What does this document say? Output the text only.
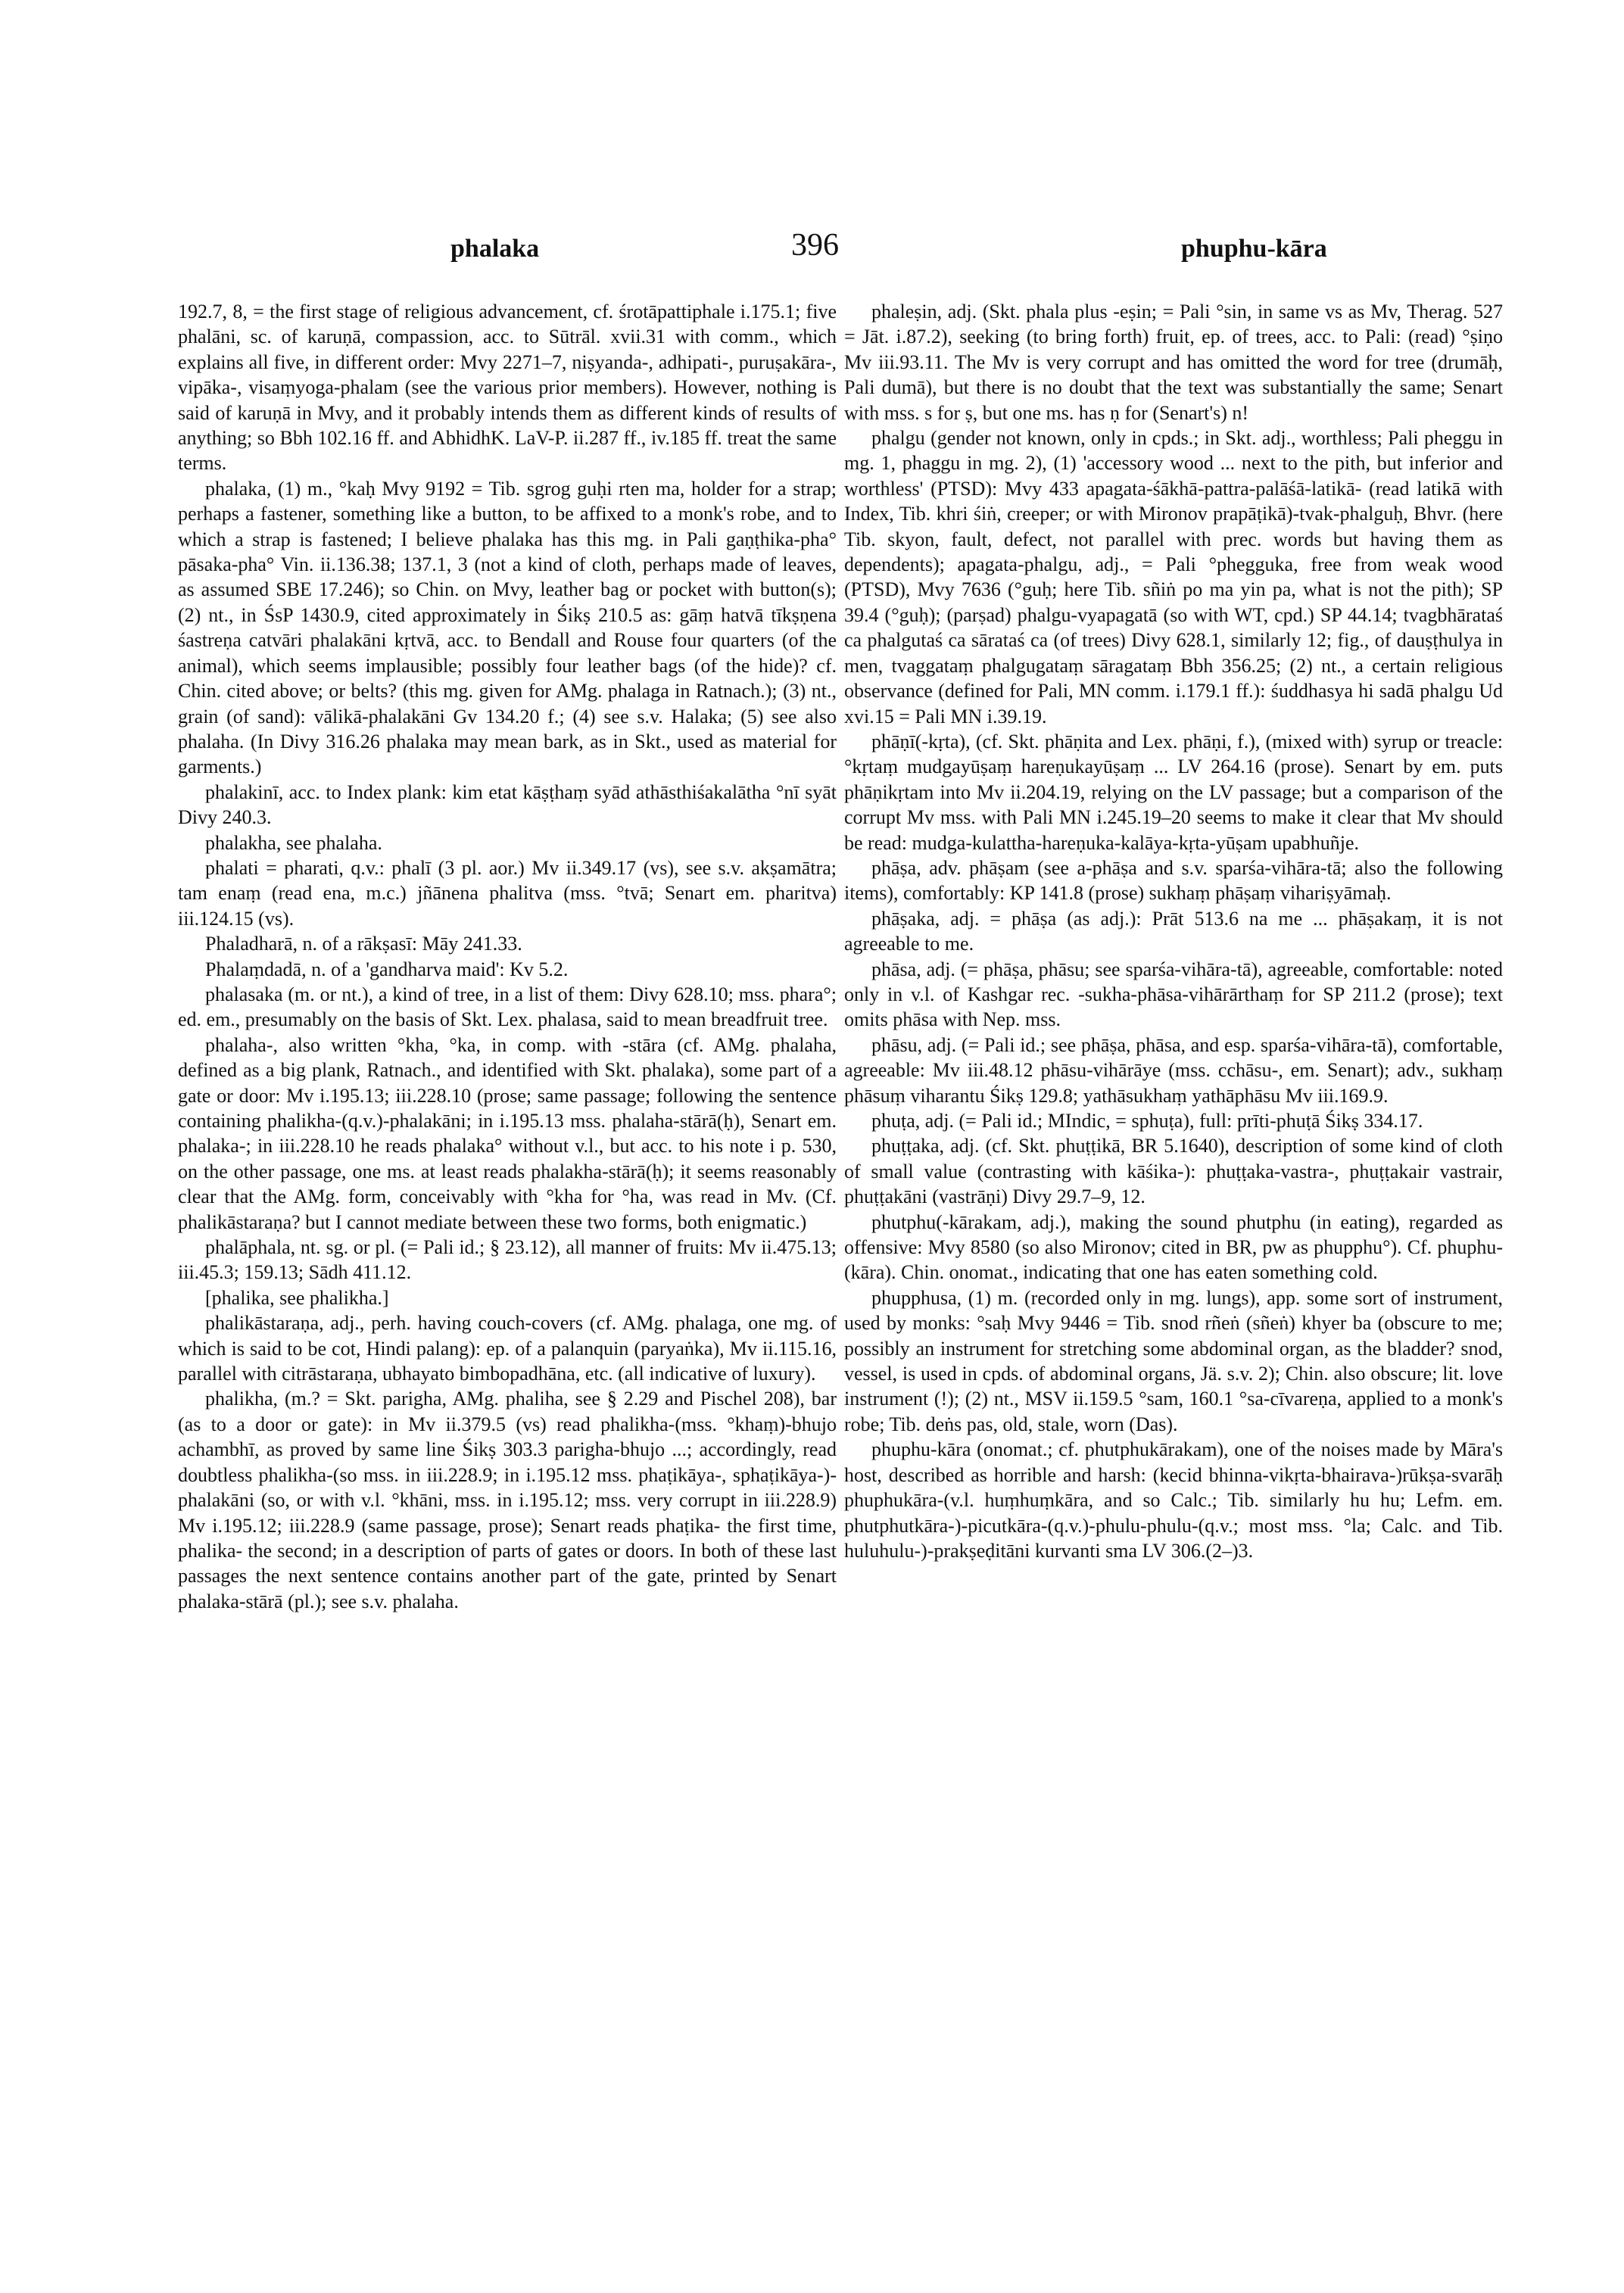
phalaka	396	phuphu-kāra

192.7, 8, = the first stage of religious advancement, cf. śrotāpattiphale i.175.1; five phalāni, sc. of karuṇā, compassion, acc. to Sūtrāl. xvii.31 with comm., which explains all five, in different order: Mvy 2271–7, niṣyanda-, adhipati-, puruṣakāra-, vipāka-, visaṃyoga-phalam (see the various prior members). However, nothing is said of karuṇā in Mvy, and it probably intends them as different kinds of results of anything; so Bbh 102.16 ff. and AbhidhK. LaV-P. ii.287 ff., iv.185 ff. treat the same terms.

phalaka, (1) m., °kaḥ Mvy 9192 = Tib. sgrog guḥi rten ma, holder for a strap; perhaps a fastener, something like a button, to be affixed to a monk's robe, and to which a strap is fastened; I believe phalaka has this mg. in Pali gaṇṭhika-pha° pāsaka-pha° Vin. ii.136.38; 137.1, 3 (not a kind of cloth, perhaps made of leaves, as assumed SBE 17.246); so Chin. on Mvy, leather bag or pocket with button(s); (2) nt., in ŚsP 1430.9, cited approximately in Śikṣ 210.5 as: gāṃ hatvā tīkṣṇena śastreṇa catvāri phalakāni kṛtvā, acc. to Bendall and Rouse four quarters (of the animal), which seems implausible; possibly four leather bags (of the hide)? cf. Chin. cited above; or belts? (this mg. given for AMg. phalaga in Ratnach.); (3) nt., grain (of sand): vālikā-phalakāni Gv 134.20 f.; (4) see s.v. Halaka; (5) see also phalaha. (In Divy 316.26 phalaka may mean bark, as in Skt., used as material for garments.)

phalakinī, acc. to Index plank: kim etat kāṣṭhaṃ syād athāsthiśakalātha °nī syāt Divy 240.3.

phalakha, see phalaha.

phalati = pharati, q.v.: phalī (3 pl. aor.) Mv ii.349.17 (vs), see s.v. akṣamātra; tam enaṃ (read ena, m.c.) jñānena phalitva (mss. °tvā; Senart em. pharitva) iii.124.15 (vs).

Phaladharā, n. of a rākṣasī: Māy 241.33.

Phalaṃdadā, n. of a 'gandharva maid': Kv 5.2.

phalasaka (m. or nt.), a kind of tree, in a list of them: Divy 628.10; mss. phara°; ed. em., presumably on the basis of Skt. Lex. phalasa, said to mean breadfruit tree.

phalaha-, also written °kha, °ka, in comp. with -stāra (cf. AMg. phalaha, defined as a big plank, Ratnach., and identified with Skt. phalaka), some part of a gate or door: Mv i.195.13; iii.228.10 (prose; same passage; following the sentence containing phalikha-(q.v.)-phalakāni; in i.195.13 mss. phalaha-stārā(ḥ), Senart em. phalaka-; in iii.228.10 he reads phalaka° without v.l., but acc. to his note i p. 530, on the other passage, one ms. at least reads phalakha-stārā(ḥ); it seems reasonably clear that the AMg. form, conceivably with °kha for °ha, was read in Mv. (Cf. phalikāstaraṇa? but I cannot mediate between these two forms, both enigmatic.)

phalāphala, nt. sg. or pl. (= Pali id.; § 23.12), all manner of fruits: Mv ii.475.13; iii.45.3; 159.13; Sādh 411.12.

[phalika, see phalikha.]

phalikāstaraṇa, adj., perh. having couch-covers (cf. AMg. phalaga, one mg. of which is said to be cot, Hindi palang): ep. of a palanquin (paryaṅka), Mv ii.115.16, parallel with citrāstaraṇa, ubhayato bimbopadhāna, etc. (all indicative of luxury).

phalikha, (m.? = Skt. parigha, AMg. phaliha, see § 2.29 and Pischel 208), bar (as to a door or gate): in Mv ii.379.5 (vs) read phalikha-(mss. °khaṃ)-bhujo achambhī, as proved by same line Śikṣ 303.3 parigha-bhujo ...; accordingly, read doubtless phalikha-(so mss. in iii.228.9; in i.195.12 mss. phaṭikāya-, sphaṭikāya-)-phalakāni (so, or with v.l. °khāni, mss. in i.195.12; mss. very corrupt in iii.228.9) Mv i.195.12; iii.228.9 (same passage, prose); Senart reads phaṭika- the first time, phalika- the second; in a description of parts of gates or doors. In both of these last passages the next sentence contains another part of the gate, printed by Senart phalaka-stārā (pl.); see s.v. phalaha.

phaleṣin, adj. (Skt. phala plus -eṣin; = Pali °sin, in same vs as Mv, Therag. 527 = Jāt. i.87.2), seeking (to bring forth) fruit, ep. of trees, acc. to Pali: (read) °ṣiṇo Mv iii.93.11. The Mv is very corrupt and has omitted the word for tree (drumāḥ, Pali dumā), but there is no doubt that the text was substantially the same; Senart with mss. s for ṣ, but one ms. has ṇ for (Senart's) n!

phalgu (gender not known, only in cpds.; in Skt. adj., worthless; Pali pheggu in mg. 1, phaggu in mg. 2), (1) 'accessory wood ... next to the pith, but inferior and worthless' (PTSD): Mvy 433 apagata-śākhā-pattra-palāśā-latikā- (read latikā with Index, Tib. khri śiṅ, creeper; or with Mironov prapāṭikā)-tvak-phalguḥ, Bhvr. (here Tib. skyon, fault, defect, not parallel with prec. words but having them as dependents); apagata-phalgu, adj., = Pali °phegguka, free from weak wood (PTSD), Mvy 7636 (°guḥ; here Tib. sñiṅ po ma yin pa, what is not the pith); SP 39.4 (°guḥ); (parṣad) phalgu-vyapagatā (so with WT, cpd.) SP 44.14; tvagbhārataś ca phalgutaś ca sārataś ca (of trees) Divy 628.1, similarly 12; fig., of dauṣṭhulya in men, tvaggataṃ phalgugataṃ sāragataṃ Bbh 356.25; (2) nt., a certain religious observance (defined for Pali, MN comm. i.179.1 ff.): śuddhasya hi sadā phalgu Ud xvi.15 = Pali MN i.39.19.

phāṇī(-kṛta), (cf. Skt. phāṇita and Lex. phāṇi, f.), (mixed with) syrup or treacle: °kṛtaṃ mudgayūṣaṃ hareṇukayūṣaṃ ... LV 264.16 (prose). Senart by em. puts phāṇikṛtam into Mv ii.204.19, relying on the LV passage; but a comparison of the corrupt Mv mss. with Pali MN i.245.19–20 seems to make it clear that Mv should be read: mudga-kulattha-hareṇuka-kalāya-kṛta-yūṣam upabhuñje.

phāṣa, adv. phāṣam (see a-phāṣa and s.v. sparśa-vihāra-tā; also the following items), comfortably: KP 141.8 (prose) sukhaṃ phāṣaṃ vihariṣyāmaḥ.

phāṣaka, adj. = phāṣa (as adj.): Prāt 513.6 na me ... phāṣakaṃ, it is not agreeable to me.

phāsa, adj. (= phāṣa, phāsu; see sparśa-vihāra-tā), agreeable, comfortable: noted only in v.l. of Kashgar rec. -sukha-phāsa-vihārārthaṃ for SP 211.2 (prose); text omits phāsa with Nep. mss.

phāsu, adj. (= Pali id.; see phāṣa, phāsa, and esp. sparśa-vihāra-tā), comfortable, agreeable: Mv iii.48.12 phāsu-vihārāye (mss. cchāsu-, em. Senart); adv., sukhaṃ phāsuṃ viharantu Śikṣ 129.8; yathāsukhaṃ yathāphāsu Mv iii.169.9.

phuṭa, adj. (= Pali id.; MIndic, = sphuṭa), full: prīti-phuṭā Śikṣ 334.17.

phuṭṭaka, adj. (cf. Skt. phuṭṭikā, BR 5.1640), description of some kind of cloth of small value (contrasting with kāśika-): phuṭṭaka-vastra-, phuṭṭakair vastrair, phuṭṭakāni (vastrāṇi) Divy 29.7–9, 12.

phutphu(-kārakam, adj.), making the sound phutphu (in eating), regarded as offensive: Mvy 8580 (so also Mironov; cited in BR, pw as phupphu°). Cf. phuphu-(kāra). Chin. onomat., indicating that one has eaten something cold.

phupphusa, (1) m. (recorded only in mg. lungs), app. some sort of instrument, used by monks: °saḥ Mvy 9446 = Tib. snod rñeṅ (sñeṅ) khyer ba (obscure to me; possibly an instrument for stretching some abdominal organ, as the bladder? snod, vessel, is used in cpds. of abdominal organs, Jä. s.v. 2); Chin. also obscure; lit. love instrument (!); (2) nt., MSV ii.159.5 °sam, 160.1 °sa-cīvareṇa, applied to a monk's robe; Tib. deṅs pas, old, stale, worn (Das).

phuphu-kāra (onomat.; cf. phutphukārakam), one of the noises made by Māra's host, described as horrible and harsh: (kecid bhinna-vikṛta-bhairava-)rūkṣa-svarāḥ phuphukāra-(v.l. huṃhuṃkāra, and so Calc.; Tib. similarly hu hu; Lefm. em. phutphutkāra-)-picutkāra-(q.v.)-phulu-phulu-(q.v.; most mss. °la; Calc. and Tib. huluhulu-)-prakṣeḍitāni kurvanti sma LV 306.(2–)3.
